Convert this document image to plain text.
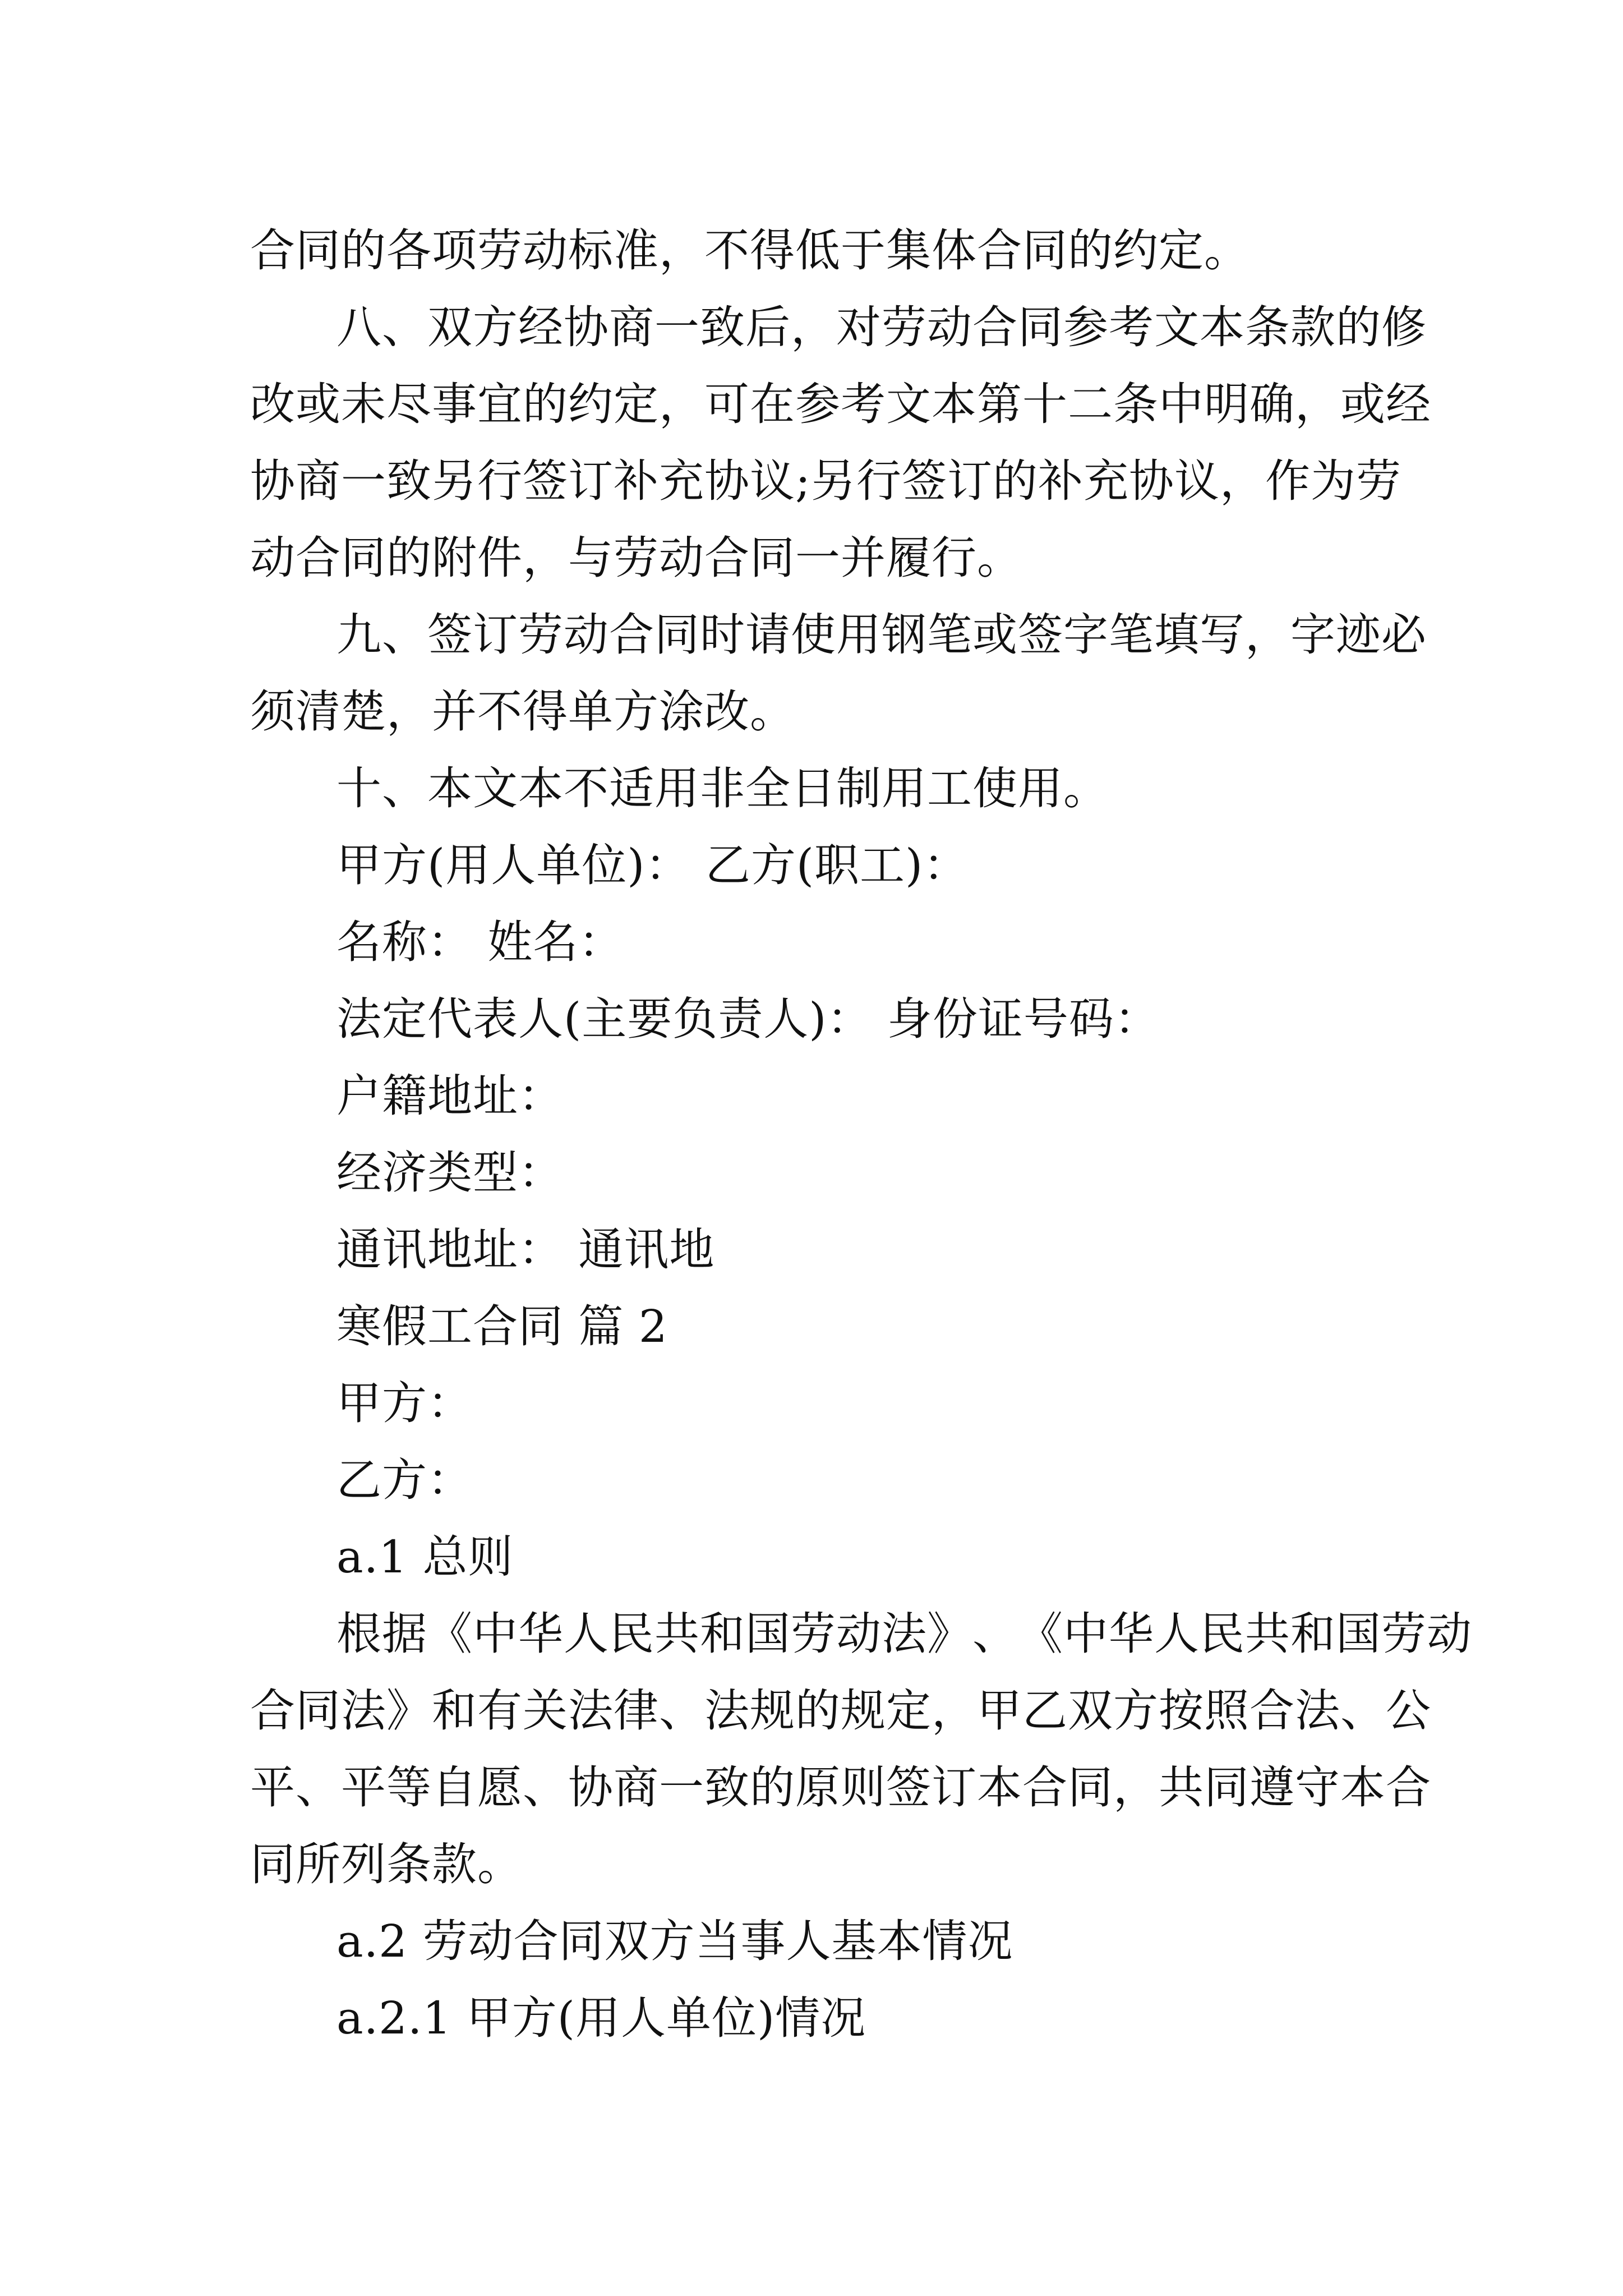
合同的各项劳动标准，不得低于集体合同的约定。
八 、 双 方 经 协 商 一 致 后 ， 对 劳 动 合 同 参 考 文 本 条 款 的 修
改 或 未 尽 事 宜 的 约 定 ， 可 在 参 考 文 本 第 十 二 条 中 明 确 ， 或 经
协 商 一 致 另 行 签 订 补 充 协 议 ; 另 行 签 订 的 补 充 协 议 ， 作 为 劳
动合同的附件，与劳动合同一并履行。
九 、 签 订 劳 动 合 同 时 请 使 用 钢 笔 或 签 字 笔 填 写 ， 字 迹 必
须清楚，并不得单方涂改。
十、本文本不适用非全日制用工使用。
甲方(用人单位)： 乙方(职工)：
名称： 姓名：
法定代表人(主要负责人)： 身份证号码：
户籍地址：
经济类型：
通讯地址： 通讯地
寒假工合同 篇 2
甲方：
乙方：
a.1 总则
根 据 《 中 华 人 民 共 和 国 劳 动 法 》 、 《 中 华 人 民 共 和 国 劳 动
合 同 法 》 和 有 关 法 律 、 法 规 的 规 定 ， 甲 乙 双 方 按 照 合 法 、 公
平 、 平 等 自 愿 、 协 商 一 致 的 原 则 签 订 本 合 同 ， 共 同 遵 守 本 合
同所列条款。
a.2 劳动合同双方当事人基本情况
a.2.1 甲方(用人单位)情况
